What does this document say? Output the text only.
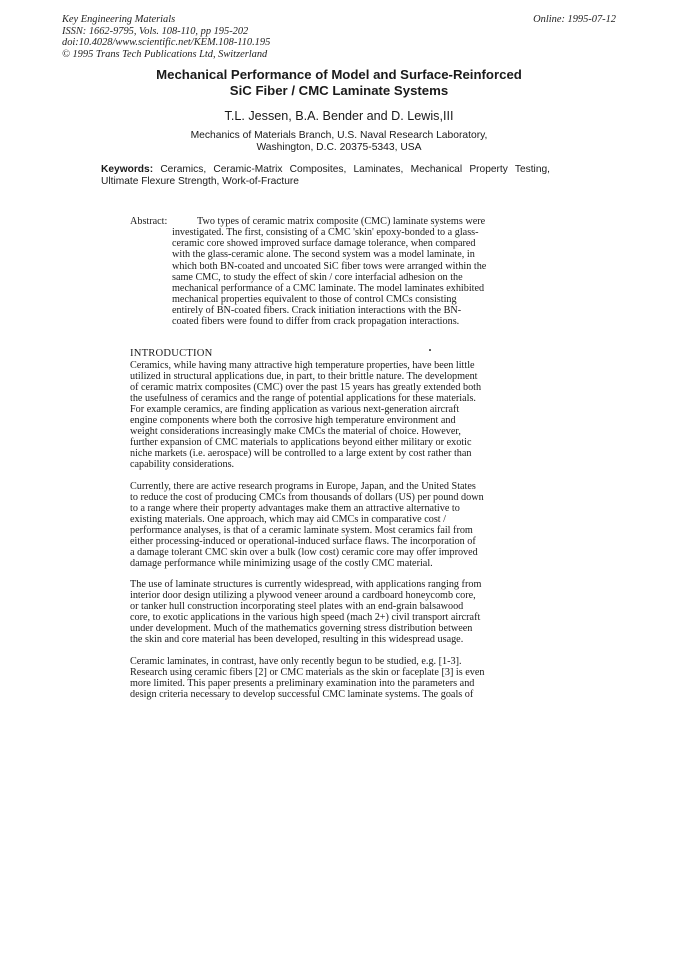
Key Engineering Materials
ISSN: 1662-9795, Vols. 108-110, pp 195-202
doi:10.4028/www.scientific.net/KEM.108-110.195
© 1995 Trans Tech Publications Ltd, Switzerland
Online: 1995-07-12
Mechanical Performance of Model and Surface-Reinforced
SiC Fiber / CMC Laminate Systems
T.L. Jessen, B.A. Bender and D. Lewis,III
Mechanics of Materials Branch, U.S. Naval Research Laboratory,
Washington, D.C. 20375-5343, USA
Keywords: Ceramics, Ceramic-Matrix Composites, Laminates, Mechanical Property Testing, Ultimate Flexure Strength, Work-of-Fracture
Abstract:	Two types of ceramic matrix composite (CMC) laminate systems were
investigated. The first, consisting of a CMC 'skin' epoxy-bonded to a glass-
ceramic core showed improved surface damage tolerance, when compared
with the glass-ceramic alone. The second system was a model laminate, in
which both BN-coated and uncoated SiC fiber tows were arranged within the
same CMC, to study the effect of skin / core interfacial adhesion on the
mechanical performance of a CMC laminate. The model laminates exhibited
mechanical properties equivalent to those of control CMCs consisting
entirely of BN-coated fibers. Crack initiation interactions with the BN-
coated fibers were found to differ from crack propagation interactions.
INTRODUCTION
Ceramics, while having many attractive high temperature properties, have been little
utilized in structural applications due, in part, to their brittle nature. The development
of ceramic matrix composites (CMC) over the past 15 years has greatly extended both
the usefulness of ceramics and the range of potential applications for these materials.
For example ceramics, are finding application as various next-generation aircraft
engine components where both the corrosive high temperature environment and
weight considerations increasingly make CMCs the material of choice. However,
further expansion of CMC materials to applications beyond either military or exotic
niche markets (i.e. aerospace) will be controlled to a large extent by cost rather than
capability considerations.
Currently, there are active research programs in Europe, Japan, and the United States
to reduce the cost of producing CMCs from thousands of dollars (US) per pound down
to a range where their property advantages make them an attractive alternative to
existing materials. One approach, which may aid CMCs in comparative cost /
performance analyses, is that of a ceramic laminate system. Most ceramics fail from
either processing-induced or operational-induced surface flaws. The incorporation of
a damage tolerant CMC skin over a bulk (low cost) ceramic core may offer improved
damage performance while minimizing usage of the costly CMC material.
The use of laminate structures is currently widespread, with applications ranging from
interior door design utilizing a plywood veneer around a cardboard honeycomb core,
or tanker hull construction incorporating steel plates with an end-grain balsawood
core, to exotic applications in the various high speed (mach 2+) civil transport aircraft
under development. Much of the mathematics governing stress distribution between
the skin and core material has been developed, resulting in this widespread usage.
Ceramic laminates, in contrast, have only recently begun to be studied, e.g. [1-3].
Research using ceramic fibers [2] or CMC materials as the skin or faceplate [3] is even
more limited. This paper presents a preliminary examination into the parameters and
design criteria necessary to develop successful CMC laminate systems. The goals of
